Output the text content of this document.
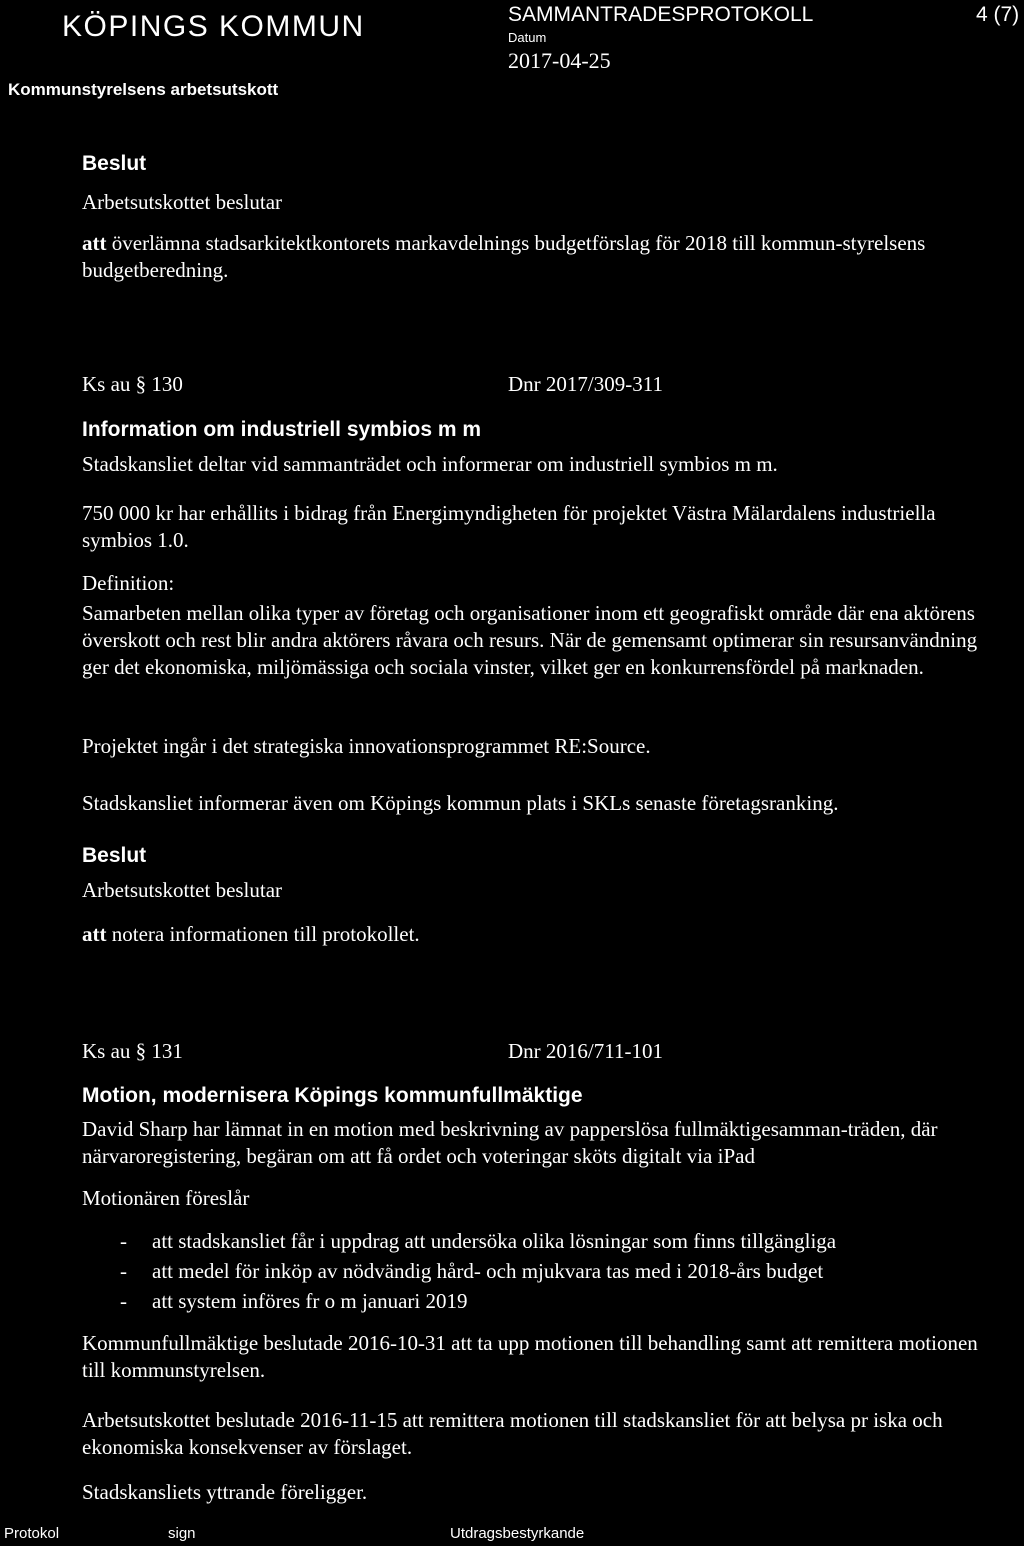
KÖPINGS KOMMUN
Kommunstyrelsens arbetsutskott
SAMMANTRADESPROTOKOLL
Datum
2017-04-25
4 (7)
Beslut
Arbetsutskottet beslutar
att överlämna stadsarkitektkontorets markavdelnings budgetförslag för 2018 till kommun-styrelsens budgetberedning.
Ks au § 130	Dnr 2017/309-311
Information om industriell symbios m m
Stadskansliet deltar vid sammanträdet och informerar om industriell symbios m m.
750 000 kr har erhållits i bidrag från Energimyndigheten för projektet Västra Mälardalens industriella symbios 1.0.
Definition:
Samarbeten mellan olika typer av företag och organisationer inom ett geografiskt område där ena aktörens överskott och rest blir andra aktörers råvara och resurs. När de gemensamt optimerar sin resursanvändning ger det ekonomiska, miljömässiga och sociala vinster, vilket ger en konkurrensfördel på marknaden.
Projektet ingår i det strategiska innovationsprogrammet RE:Source.
Stadskansliet informerar även om Köpings kommun plats i SKLs senaste företagsranking.
Beslut
Arbetsutskottet beslutar
att notera informationen till protokollet.
Ks au § 131	Dnr 2016/711-101
Motion, modernisera Köpings kommunfullmäktige
David Sharp har lämnat in en motion med beskrivning av papperslösa fullmäktigesamman-träden, där närvaroregistering, begäran om att få ordet och voteringar sköts digitalt via iPad
Motionären föreslår
- att stadskansliet får i uppdrag att undersöka olika lösningar som finns tillgängliga
- att medel för inköp av nödvändig hård- och mjukvara tas med i 2018-års budget
- att system införes fr o m januari 2019
Kommunfullmäktige beslutade 2016-10-31 att ta upp motionen till behandling samt att remittera motionen till kommunstyrelsen.
Arbetsutskottet beslutade 2016-11-15 att remittera motionen till stadskansliet för att belysa pr iska och ekonomiska konsekvenser av förslaget.
Stadskansliets yttrande föreligger.
Protokol	sign	Utdragsbestyrkande
